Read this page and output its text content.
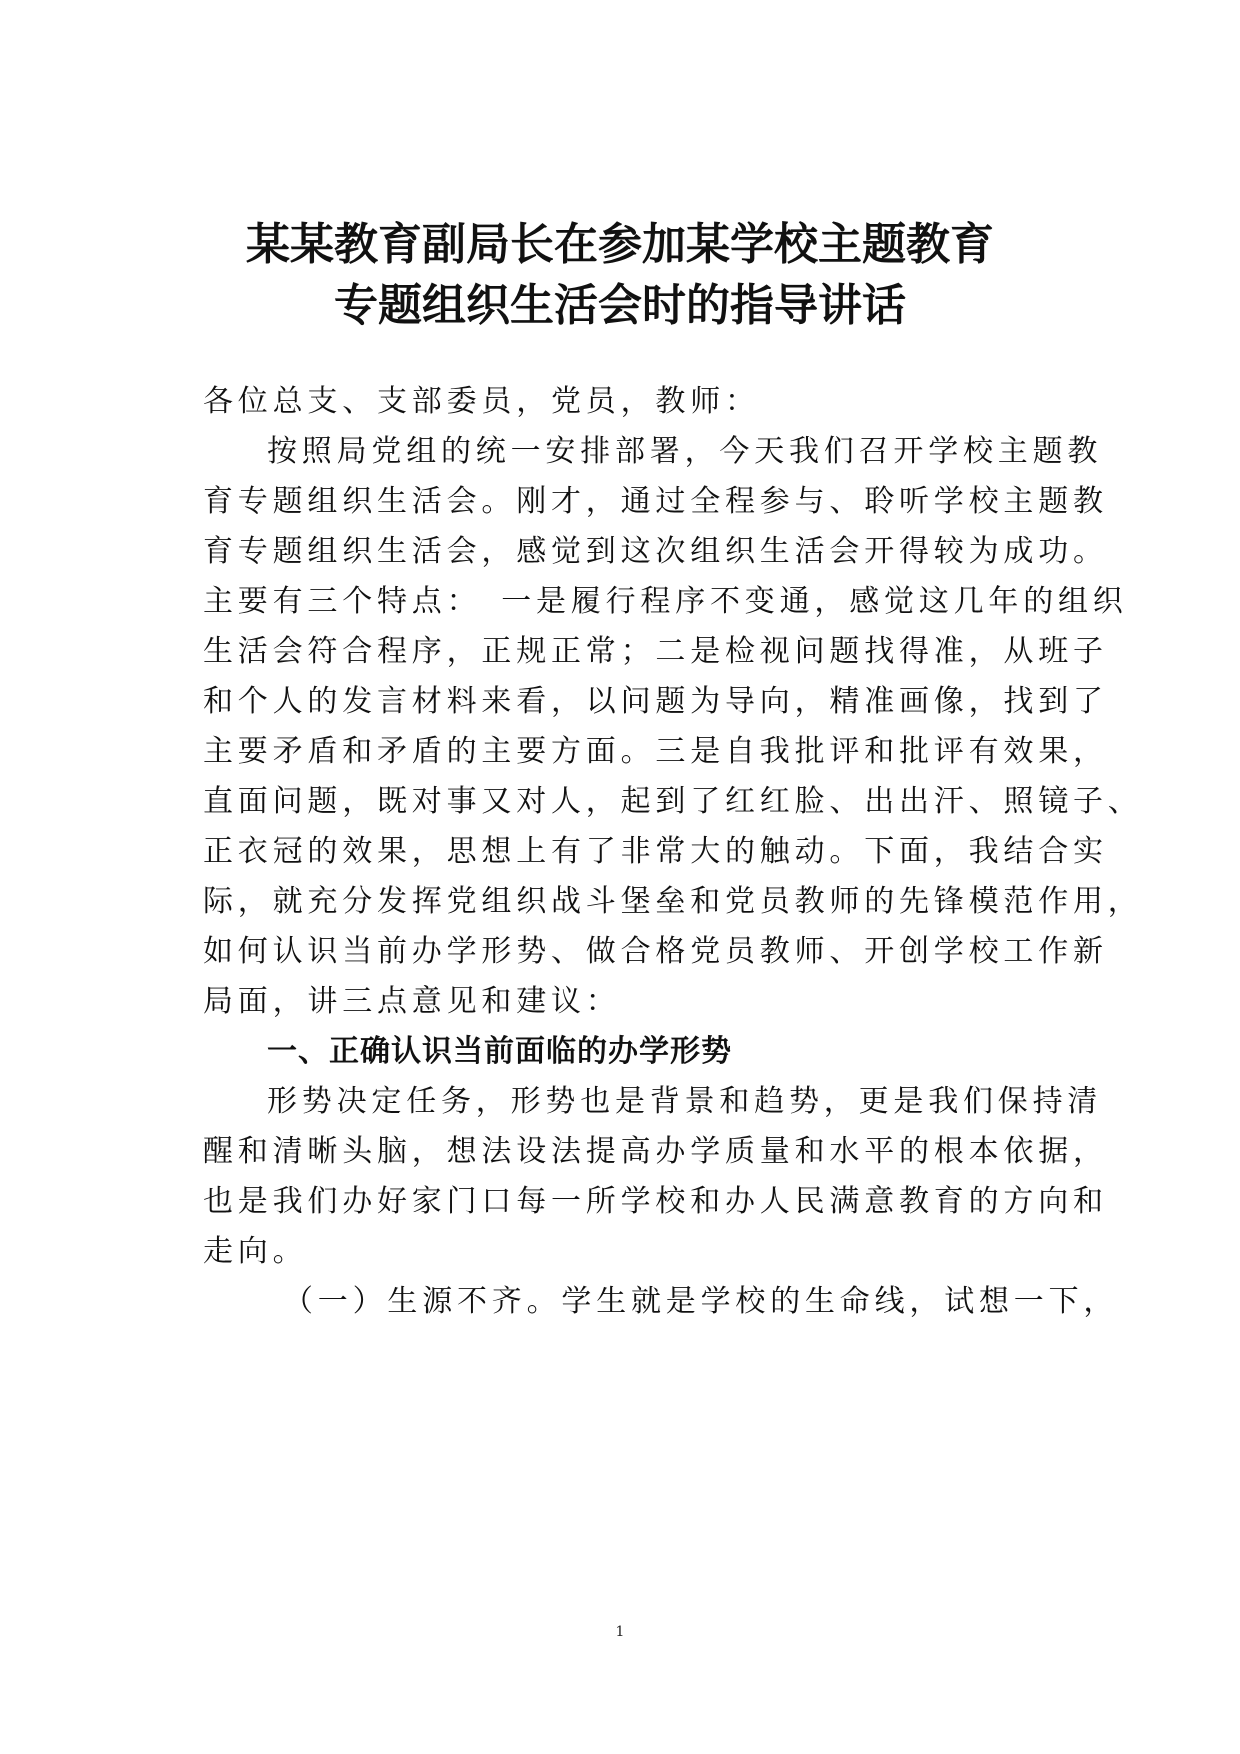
某某教育副局长在参加某学校主题教育
专题组织生活会时的指导讲话
各位总支、支部委员，党员，教师：
按照局党组的统一安排部署，今天我们召开学校主题教
育专题组织生活会。刚才，通过全程参与、聆听学校主题教
育专题组织生活会，感觉到这次组织生活会开得较为成功。
主要有三个特点：　一是履行程序不变通，感觉这几年的组织
生活会符合程序，正规正常；二是检视问题找得准，从班子
和个人的发言材料来看，以问题为导向，精准画像，找到了
主要矛盾和矛盾的主要方面。三是自我批评和批评有效果，
直面问题，既对事又对人，起到了红红脸、出出汗、照镜子、
正衣冠的效果，思想上有了非常大的触动。下面，我结合实
际，就充分发挥党组织战斗堡垒和党员教师的先锋模范作用，
如何认识当前办学形势、做合格党员教师、开创学校工作新
局面，讲三点意见和建议：
一、正确认识当前面临的办学形势
形势决定任务，形势也是背景和趋势，更是我们保持清
醒和清晰头脑，想法设法提高办学质量和水平的根本依据，
也是我们办好家门口每一所学校和办人民满意教育的方向和
走向。
（一）生源不齐。学生就是学校的生命线，试想一下，
1
